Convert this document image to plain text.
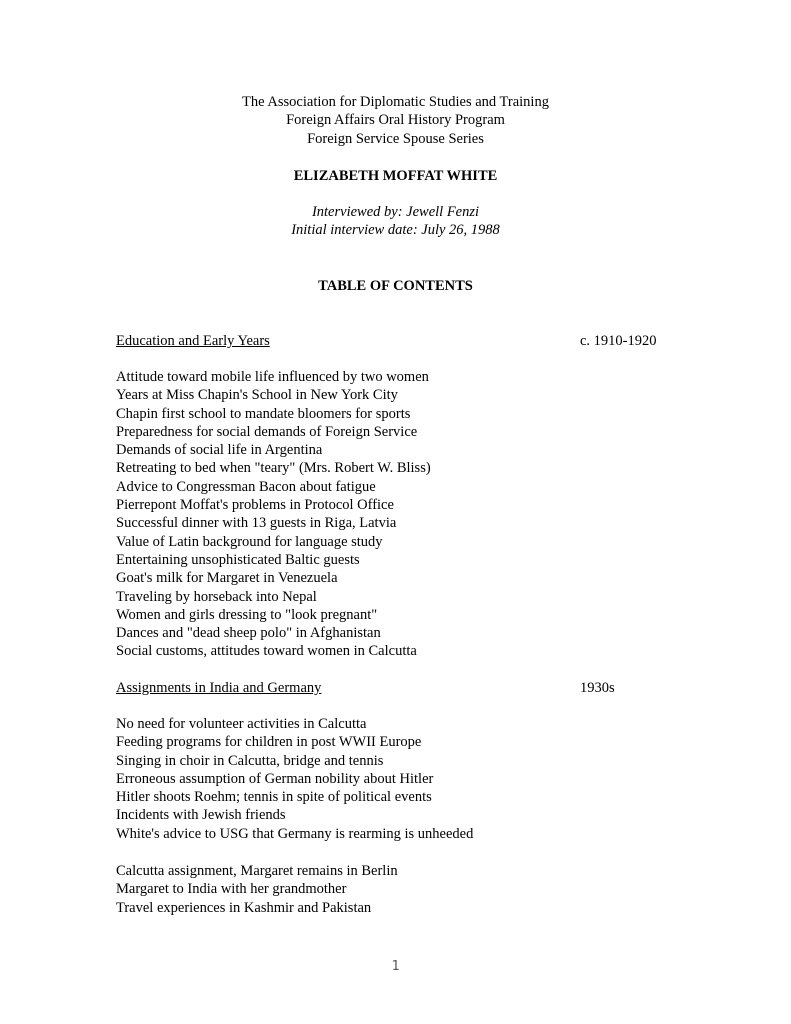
The Association for Diplomatic Studies and Training
Foreign Affairs Oral History Program
Foreign Service Spouse Series
ELIZABETH MOFFAT WHITE
Interviewed by: Jewell Fenzi
Initial interview date: July 26, 1988
TABLE OF CONTENTS
Education and Early Years	c. 1910-1920
Attitude toward mobile life influenced by two women
Years at Miss Chapin's School in New York City
Chapin first school to mandate bloomers for sports
Preparedness for social demands of Foreign Service
Demands of social life in Argentina
Retreating to bed when "teary" (Mrs. Robert W. Bliss)
Advice to Congressman Bacon about fatigue
Pierrepont Moffat's problems in Protocol Office
Successful dinner with 13 guests in Riga, Latvia
Value of Latin background for language study
Entertaining unsophisticated Baltic guests
Goat's milk for Margaret in Venezuela
Traveling by horseback into Nepal
Women and girls dressing to "look pregnant"
Dances and "dead sheep polo" in Afghanistan
Social customs, attitudes toward women in Calcutta
Assignments in India and Germany	1930s
No need for volunteer activities in Calcutta
Feeding programs for children in post WWII Europe
Singing in choir in Calcutta, bridge and tennis
Erroneous assumption of German nobility about Hitler
Hitler shoots Roehm; tennis in spite of political events
Incidents with Jewish friends
White's advice to USG that Germany is rearming is unheeded
Calcutta assignment, Margaret remains in Berlin
Margaret to India with her grandmother
Travel experiences in Kashmir and Pakistan
1
